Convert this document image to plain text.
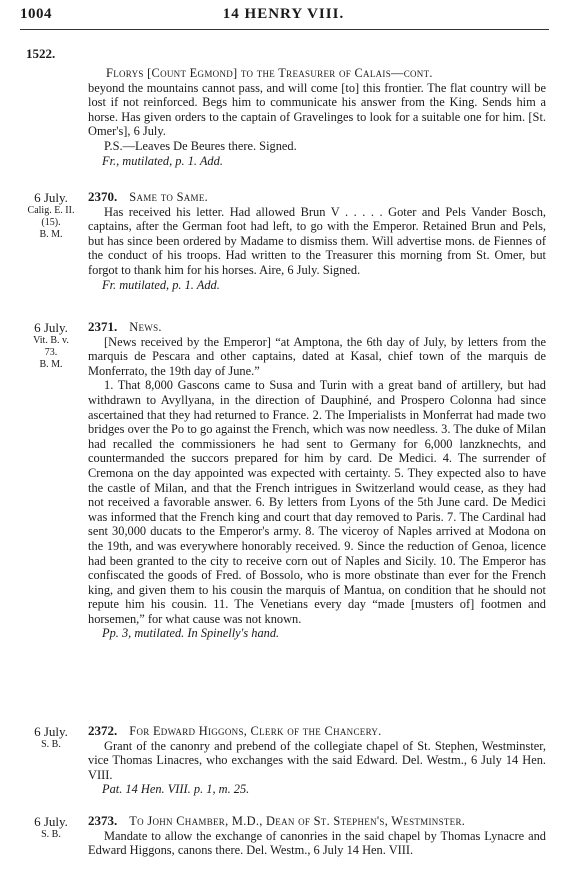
1004	14 HENRY VIII.
1522.

Florys [Count Egmond] to the Treasurer of Calais—cont.

beyond the mountains cannot pass, and will come [to] this frontier. The flat country will be lost if not reinforced. Begs him to communicate his answer from the King. Sends him a horse. Has given orders to the captain of Gravelinges to look for a suitable one for him. [St. Omer's], 6 July.

P.S.—Leaves De Beures there. Signed.

Fr., mutilated, p. 1. Add.

6 July.
Calig. E. II.
(15).
B. M.

2370. Same to Same.

Has received his letter. Had allowed Brun V . . . . . Goter and Pels Vander Bosch, captains, after the German foot had left, to go with the Emperor. Retained Brun and Pels, but has since been ordered by Madame to dismiss them. Will advertise mons. de Fiennes of the conduct of his troops. Had written to the Treasurer this morning from St. Omer, but forgot to thank him for his horses. Aire, 6 July. Signed.

Fr. mutilated, p. 1. Add.

6 July.
Vit. B. v.
73.
B. M.

2371. News.

[News received by the Emperor] “at Amptona, the 6th day of July, by letters from the marquis de Pescara and other captains, dated at Kasal, chief town of the marquis de Monferrato, the 19th day of June.”

1. That 8,000 Gascons came to Susa and Turin with a great band of artillery, but had withdrawn to Avyllyana, in the direction of Dauphiné, and Prospero Colonna had since ascertained that they had returned to France. 2. The Imperialists in Monferrat had made two bridges over the Po to go against the French, which was now needless. 3. The duke of Milan had recalled the commissioners he had sent to Germany for 6,000 lanzknechts, and countermanded the succors prepared for him by card. De Medici. 4. The surrender of Cremona on the day appointed was expected with certainty. 5. They expected also to have the castle of Milan, and that the French intrigues in Switzerland would cease, as they had not received a favorable answer. 6. By letters from Lyons of the 5th June card. De Medici was informed that the French king and court that day removed to Paris. 7. The Cardinal had sent 30,000 ducats to the Emperor's army. 8. The viceroy of Naples arrived at Modona on the 19th, and was everywhere honorably received. 9. Since the reduction of Genoa, licence had been granted to the city to receive corn out of Naples and Sicily. 10. The Emperor has confiscated the goods of Fred. of Bossolo, who is more obstinate than ever for the French king, and given them to his cousin the marquis of Mantua, on condition that he should not repute him his cousin. 11. The Venetians every day “made [musters of] footmen and horsemen,” for what cause was not known.

Pp. 3, mutilated. In Spinelly's hand.

6 July.
S. B.

2372. For Edward Higgons, Clerk of the Chancery.

Grant of the canonry and prebend of the collegiate chapel of St. Stephen, Westminster, vice Thomas Linacres, who exchanges with the said Edward. Del. Westm., 6 July 14 Hen. VIII.

Pat. 14 Hen. VIII. p. 1, m. 25.

6 July.
S. B.

2373. To John Chamber, M.D., Dean of St. Stephen's, Westminster.

Mandate to allow the exchange of canonries in the said chapel by Thomas Lynacre and Edward Higgons, canons there. Del. Westm., 6 July 14 Hen. VIII.
